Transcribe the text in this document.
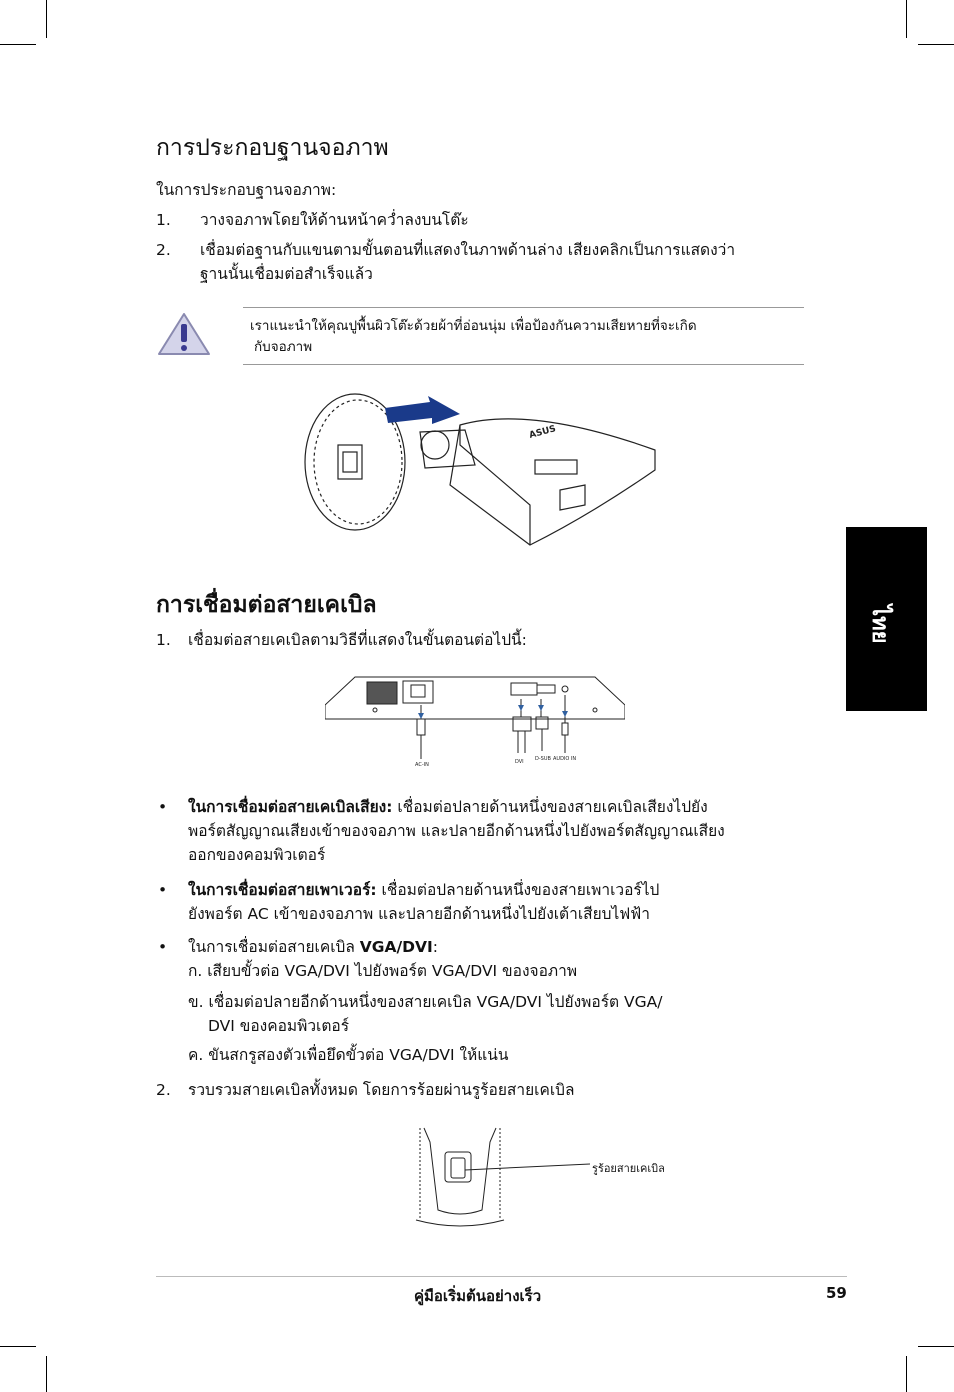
ไทย
การประกอบฐานจอภาพ
ในการประกอบฐานจอภาพ:
1. วางจอภาพโดยให้ด้านหน้าคว่ำลงบนโต๊ะ
2. เชื่อมต่อฐานกับแขนตามขั้นตอนที่แสดงในภาพด้านล่าง เสียงคลิกเป็นการแสดงว่า
ฐานนั้นเชื่อมต่อสำเร็จแล้ว
เราแนะนำให้คุณปูพื้นผิวโต๊ะด้วยผ้าที่อ่อนนุ่ม เพื่อป้องกันความเสียหายที่จะเกิด
กับจอภาพ
ASUS
การเชื่อมต่อสายเคเบิล
1. เชื่อมต่อสายเคเบิลตามวิธีที่แสดงในขั้นตอนต่อไปนี้:
AC-IN	DVI D-SUB AUDIO IN
• ในการเชื่อมต่อสายเคเบิลเสียง: เชื่อมต่อปลายด้านหนึ่งของสายเคเบิลเสียงไปยัง
พอร์ตสัญญาณเสียงเข้าของจอภาพ และปลายอีกด้านหนึ่งไปยังพอร์ตสัญญาณเสียง
ออกของคอมพิวเตอร์
• ในการเชื่อมต่อสายเพาเวอร์: เชื่อมต่อปลายด้านหนึ่งของสายเพาเวอร์ไป
ยังพอร์ต AC เข้าของจอภาพ และปลายอีกด้านหนึ่งไปยังเต้าเสียบไฟฟ้า
• ในการเชื่อมต่อสายเคเบิล VGA/DVI:
ก. เสียบขั้วต่อ VGA/DVI ไปยังพอร์ต VGA/DVI ของจอภาพ
ข. เชื่อมต่อปลายอีกด้านหนึ่งของสายเคเบิล VGA/DVI ไปยังพอร์ต VGA/
DVI ของคอมพิวเตอร์
ค. ขันสกรูสองตัวเพื่อยึดขั้วต่อ VGA/DVI ให้แน่น
2. รวบรวมสายเคเบิลทั้งหมด โดยการร้อยผ่านรูร้อยสายเคเบิล
รูร้อยสายเคเบิล
คู่มือเริ่มต้นอย่างเร็ว	59
